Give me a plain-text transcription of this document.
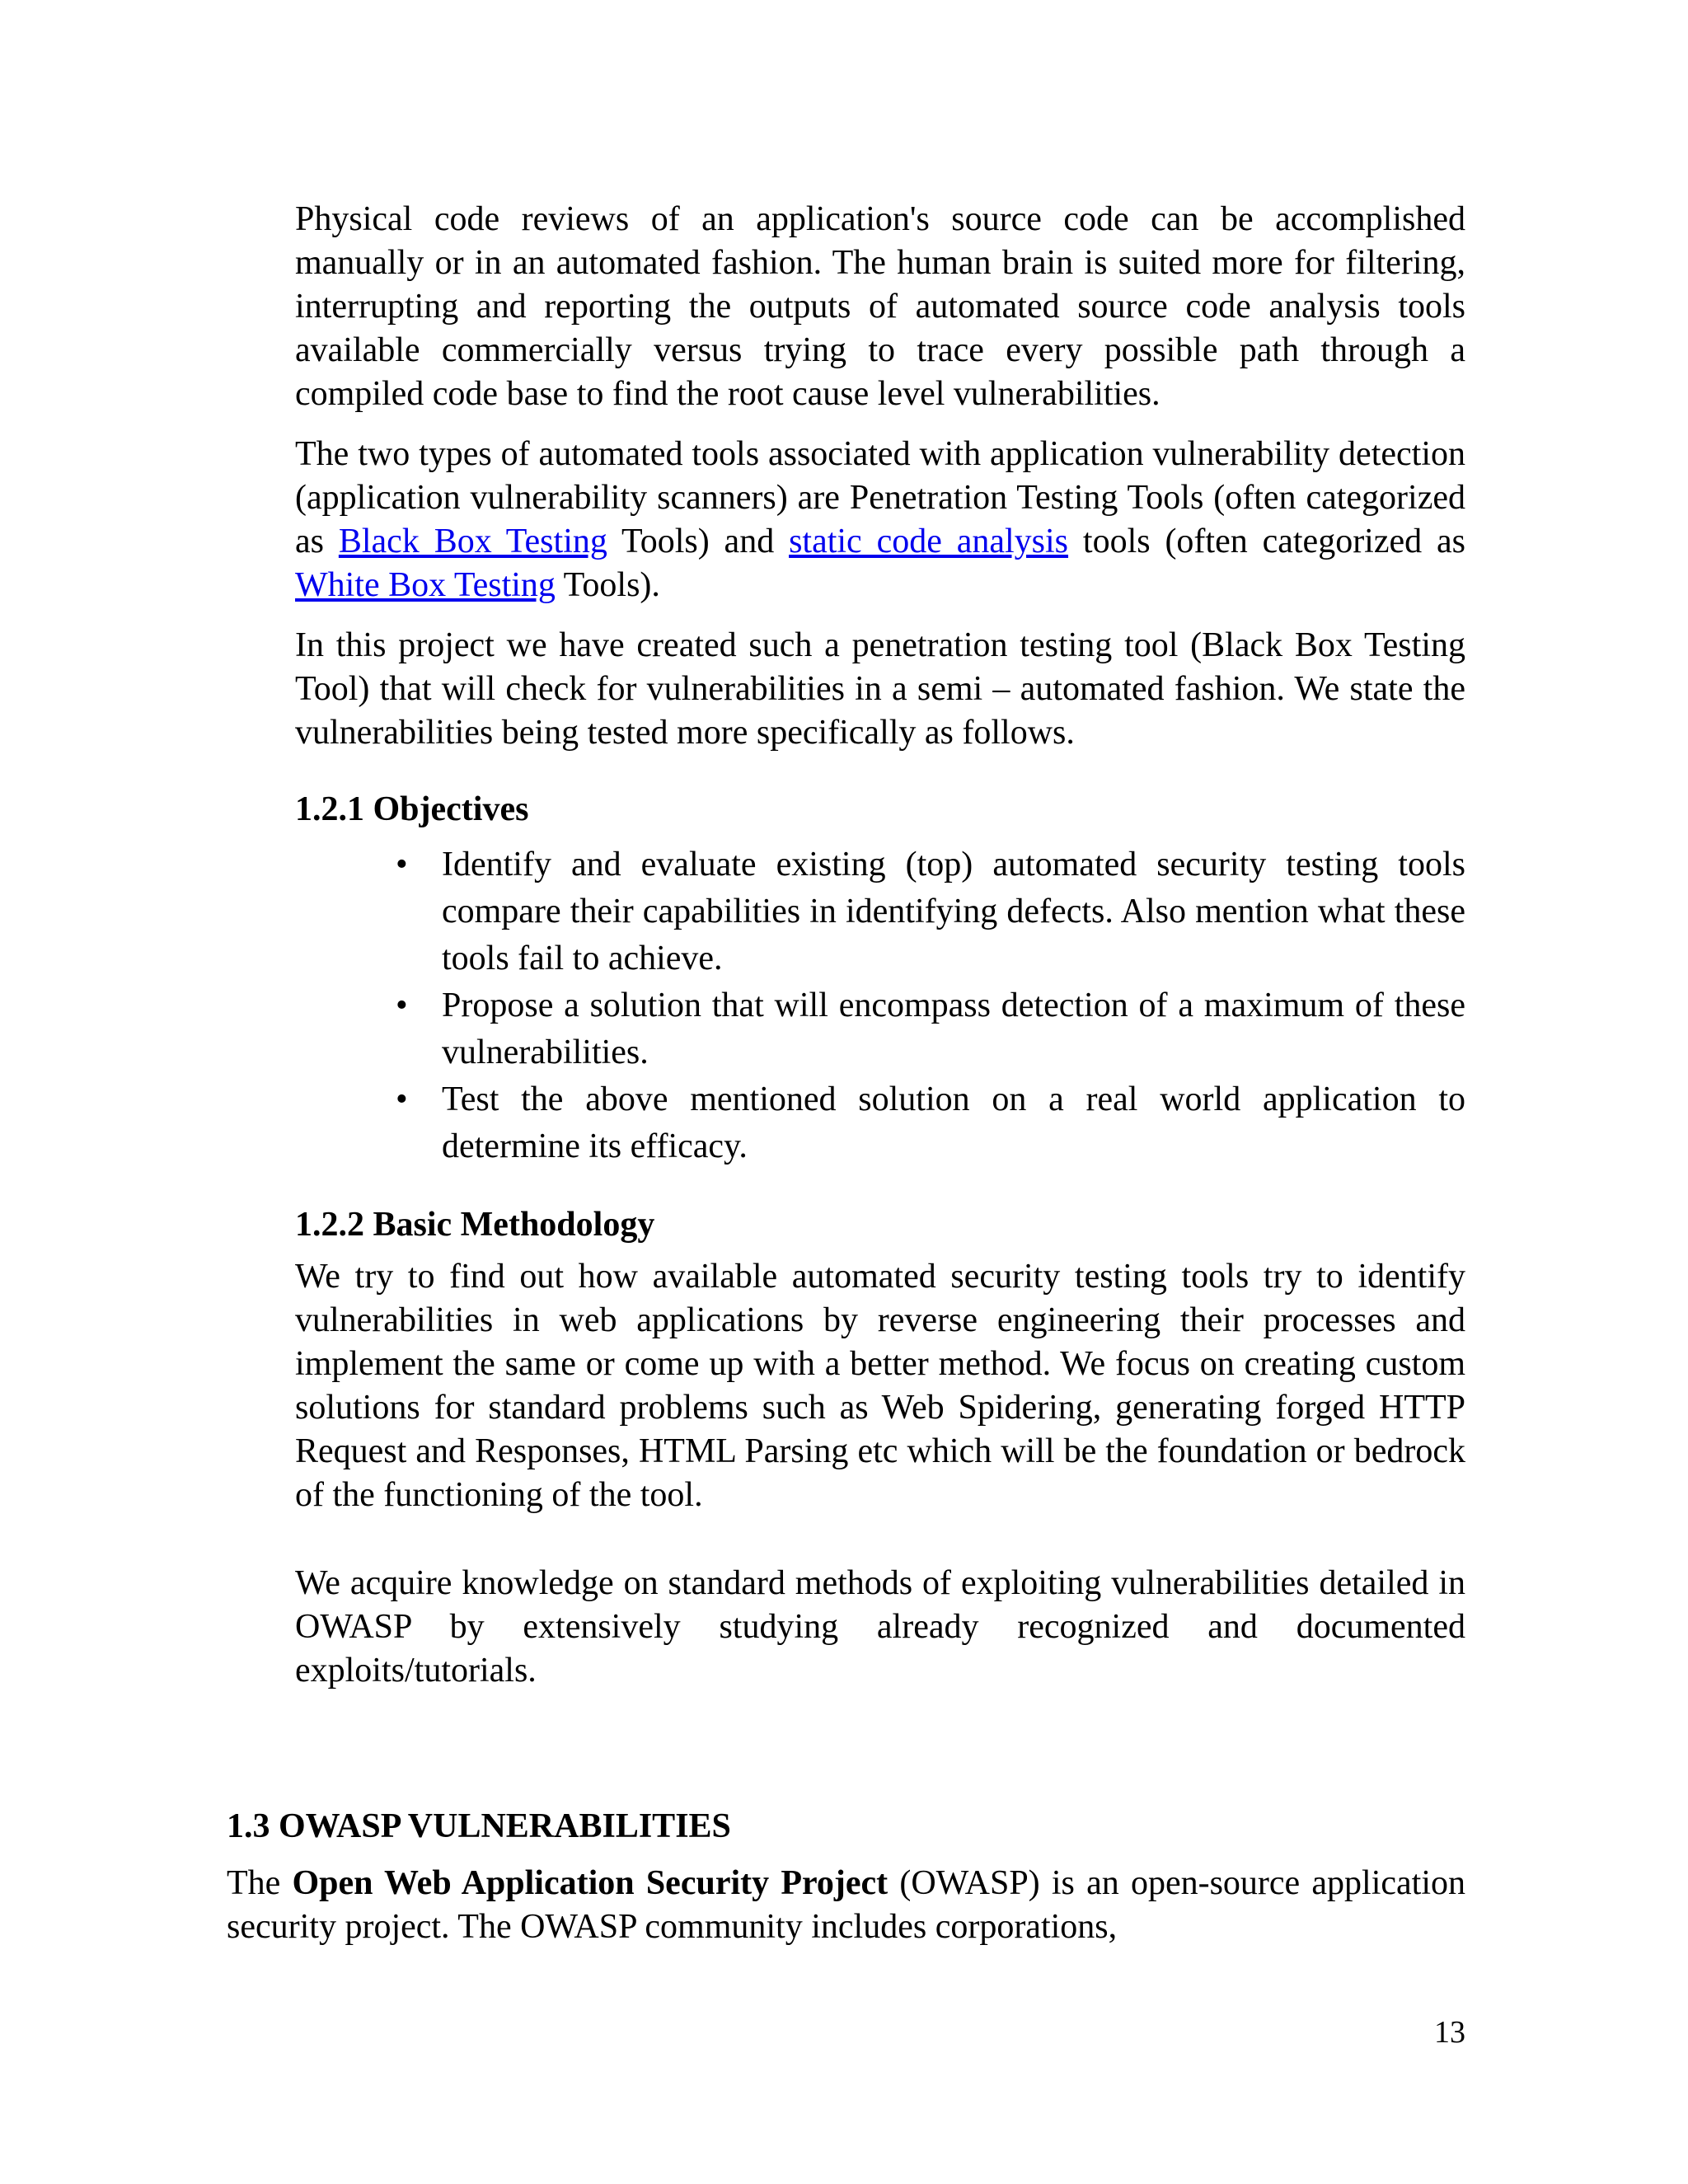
Physical code reviews of an application's source code can be accomplished manually or in an automated fashion. The human brain is suited more for filtering, interrupting and reporting the outputs of automated source code analysis tools available commercially versus trying to trace every possible path through a compiled code base to find the root cause level vulnerabilities.

The two types of automated tools associated with application vulnerability detection (application vulnerability scanners) are Penetration Testing Tools (often categorized as Black Box Testing Tools) and static code analysis tools (often categorized as White Box Testing Tools).

In this project we have created such a penetration testing tool (Black Box Testing Tool) that will check for vulnerabilities in a semi – automated fashion. We state the vulnerabilities being tested more specifically as follows.

1.2.1 Objectives
• Identify and evaluate existing (top) automated security testing tools compare their capabilities in identifying defects. Also mention what these tools fail to achieve.
• Propose a solution that will encompass detection of a maximum of these vulnerabilities.
• Test the above mentioned solution on a real world application to determine its efficacy.
1.2.2 Basic Methodology

We try to find out how available automated security testing tools try to identify vulnerabilities in web applications by reverse engineering their processes and implement the same or come up with a better method. We focus on creating custom solutions for standard problems such as Web Spidering, generating forged HTTP Request and Responses, HTML Parsing etc which will be the foundation or bedrock of the functioning of the tool.

We acquire knowledge on standard methods of exploiting vulnerabilities detailed in OWASP by extensively studying already recognized and documented exploits/tutorials.

1.3 OWASP VULNERABILITIES

The Open Web Application Security Project (OWASP) is an open-source application security project. The OWASP community includes corporations,

13
